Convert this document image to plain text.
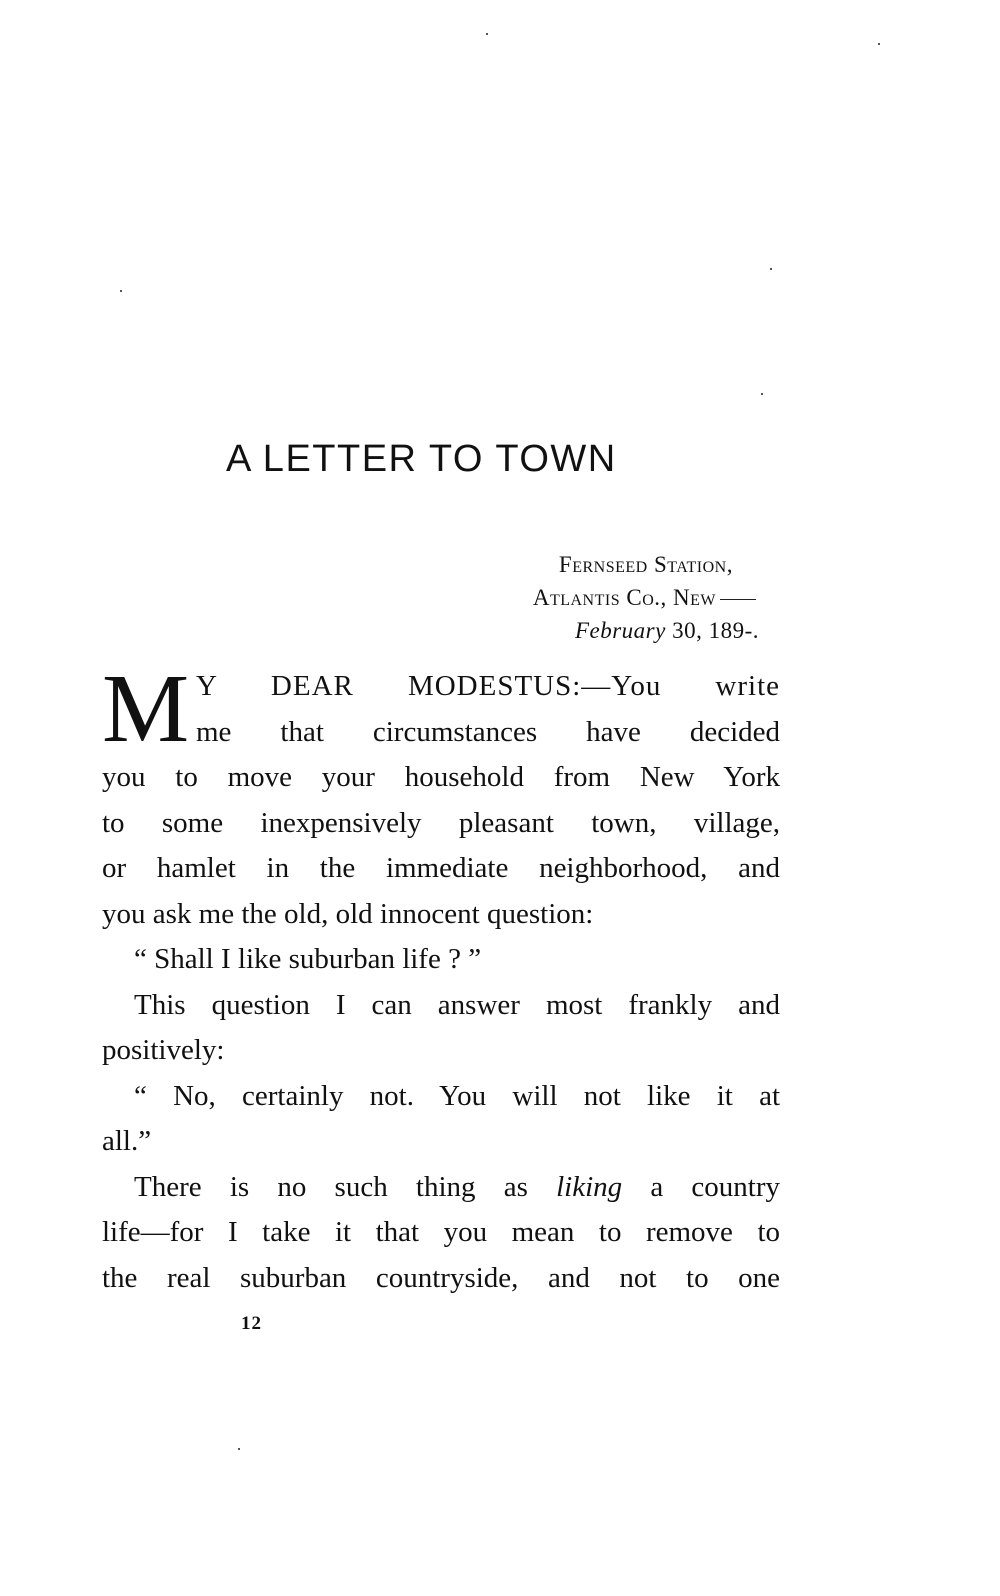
A LETTER TO TOWN
Fernseed Station,
Atlantis Co., New
February 30, 189-.
M Y DEAR MODESTUS:—You write
me that circumstances have decided
you to move your household from New York
to some inexpensively pleasant town, village,
or hamlet in the immediate neighborhood, and
you ask me the old, old innocent question:
“ Shall I like suburban life ? ”
This question I can answer most frankly and
positively:
“ No, certainly not. You will not like it at
all.”
There is no such thing as liking a country
life—for I take it that you mean to remove to
the real suburban countryside, and not to one
12
